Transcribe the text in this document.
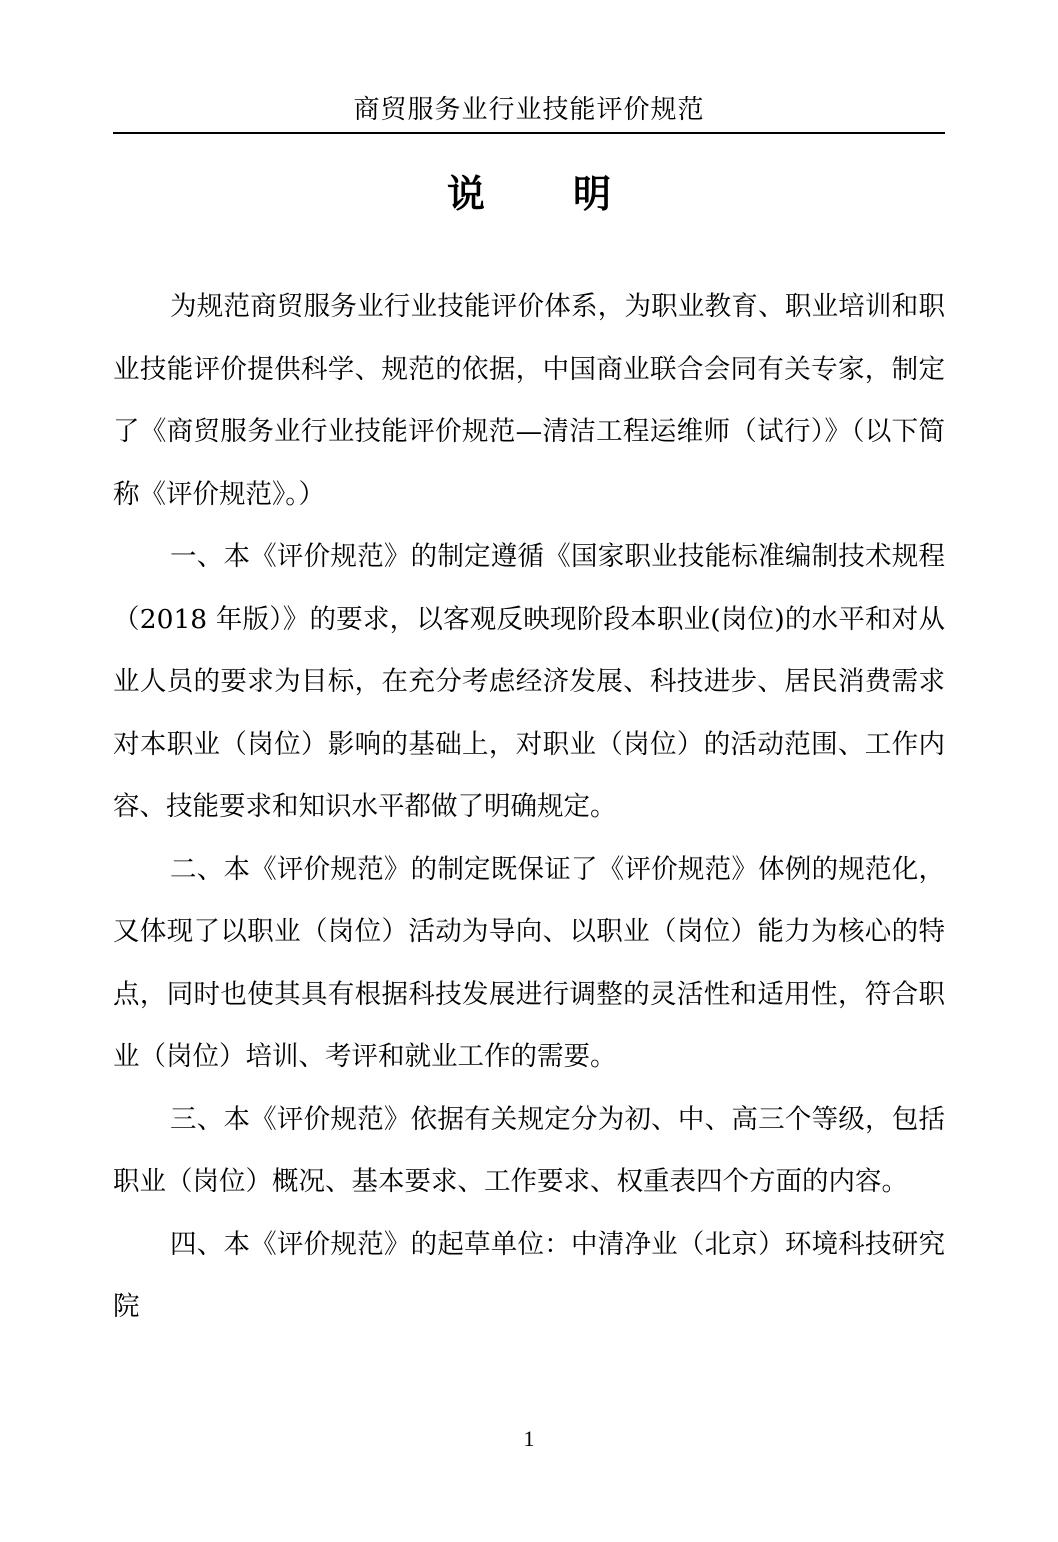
商贸服务业行业技能评价规范
说 明

为规范商贸服务业行业技能评价体系，为职业教育、职业培训和职业技能评价提供科学、规范的依据，中国商业联合会同有关专家，制定了《商贸服务业行业技能评价规范—清洁工程运维师（试行）》（以下简称《评价规范》。）

一、本《评价规范》的制定遵循《国家职业技能标准编制技术规程（2018 年版）》的要求，以客观反映现阶段本职业(岗位)的水平和对从业人员的要求为目标，在充分考虑经济发展、科技进步、居民消费需求对本职业（岗位）影响的基础上，对职业（岗位）的活动范围、工作内容、技能要求和知识水平都做了明确规定。

二、本《评价规范》的制定既保证了《评价规范》体例的规范化，又体现了以职业（岗位）活动为导向、以职业（岗位）能力为核心的特点，同时也使其具有根据科技发展进行调整的灵活性和适用性，符合职业（岗位）培训、考评和就业工作的需要。

三、本《评价规范》依据有关规定分为初、中、高三个等级，包括职业（岗位）概况、基本要求、工作要求、权重表四个方面的内容。

四、本《评价规范》的起草单位：中清净业（北京）环境科技研究院

1
